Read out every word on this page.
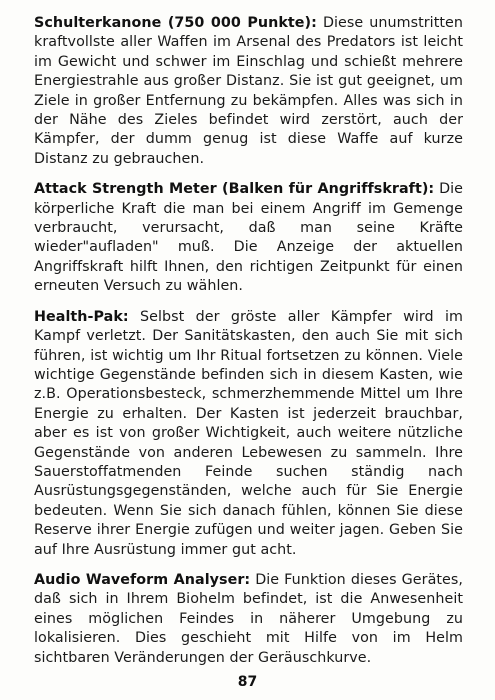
Schulterkanone (750 000 Punkte): Diese unumstritten kraftvollste aller Waffen im Arsenal des Predators ist leicht im Gewicht und schwer im Einschlag und schießt mehrere Energiestrahle aus großer Distanz. Sie ist gut geeignet, um Ziele in großer Entfernung zu bekämpfen. Alles was sich in der Nähe des Zieles befindet wird zerstört, auch der Kämpfer, der dumm genug ist diese Waffe auf kurze Distanz zu gebrauchen.

Attack Strength Meter (Balken für Angriffskraft): Die körperliche Kraft die man bei einem Angriff im Gemenge verbraucht, verursacht, daß man seine Kräfte wieder"aufladen" muß. Die Anzeige der aktuellen Angriffskraft hilft Ihnen, den richtigen Zeitpunkt für einen erneuten Versuch zu wählen.

Health-Pak: Selbst der gröste aller Kämpfer wird im Kampf verletzt. Der Sanitätskasten, den auch Sie mit sich führen, ist wichtig um Ihr Ritual fortsetzen zu können. Viele wichtige Gegenstände befinden sich in diesem Kasten, wie z.B. Operationsbesteck, schmerzhemmende Mittel um Ihre Energie zu erhalten. Der Kasten ist jederzeit brauchbar, aber es ist von großer Wichtigkeit, auch weitere nützliche Gegenstände von anderen Lebewesen zu sammeln. Ihre Sauerstoffatmenden Feinde suchen ständig nach Ausrüstungsgegenständen, welche auch für Sie Energie bedeuten. Wenn Sie sich danach fühlen, können Sie diese Reserve ihrer Energie zufügen und weiter jagen. Geben Sie auf Ihre Ausrüstung immer gut acht.

Audio Waveform Analyser: Die Funktion dieses Gerätes, daß sich in Ihrem Biohelm befindet, ist die Anwesenheit eines möglichen Feindes in näherer Umgebung zu lokalisieren. Dies geschieht mit Hilfe von im Helm sichtbaren Veränderungen der Geräuschkurve.

87
